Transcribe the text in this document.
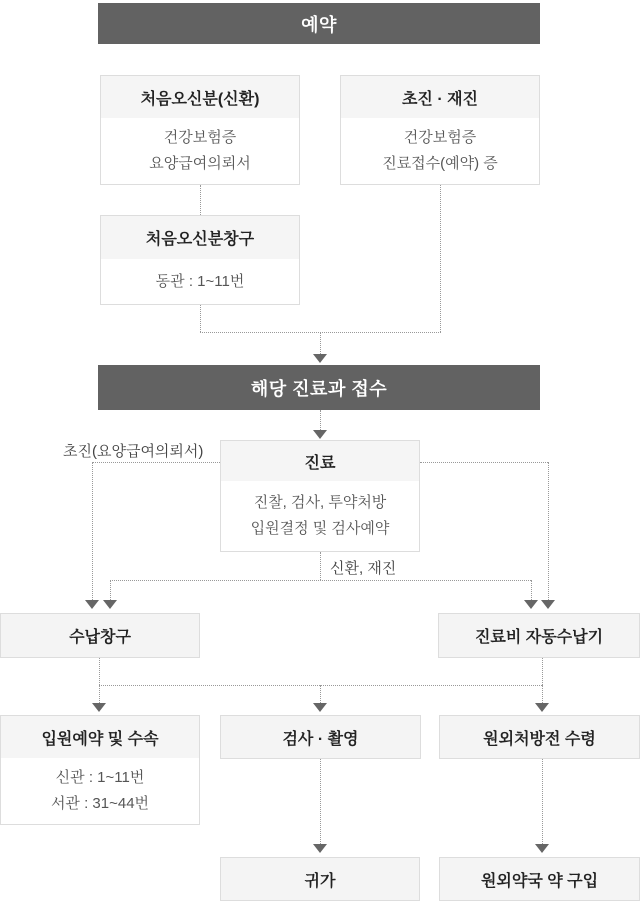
예약
처음오신분(신환)
건강보험증
요양급여의뢰서
초진 · 재진
건강보험증
진료접수(예약) 증
처음오신분창구
동관 : 1~11번
해당 진료과 접수
진료
진찰, 검사, 투약처방
입원결정 및 검사예약
초진(요양급여의뢰서)
신환, 재진
수납창구	진료비 자동수납기
입원예약 및 수속
신관 : 1~11번
서관 : 31~44번
검사 · 촬영	원외처방전 수령
귀가	원외약국 약 구입
